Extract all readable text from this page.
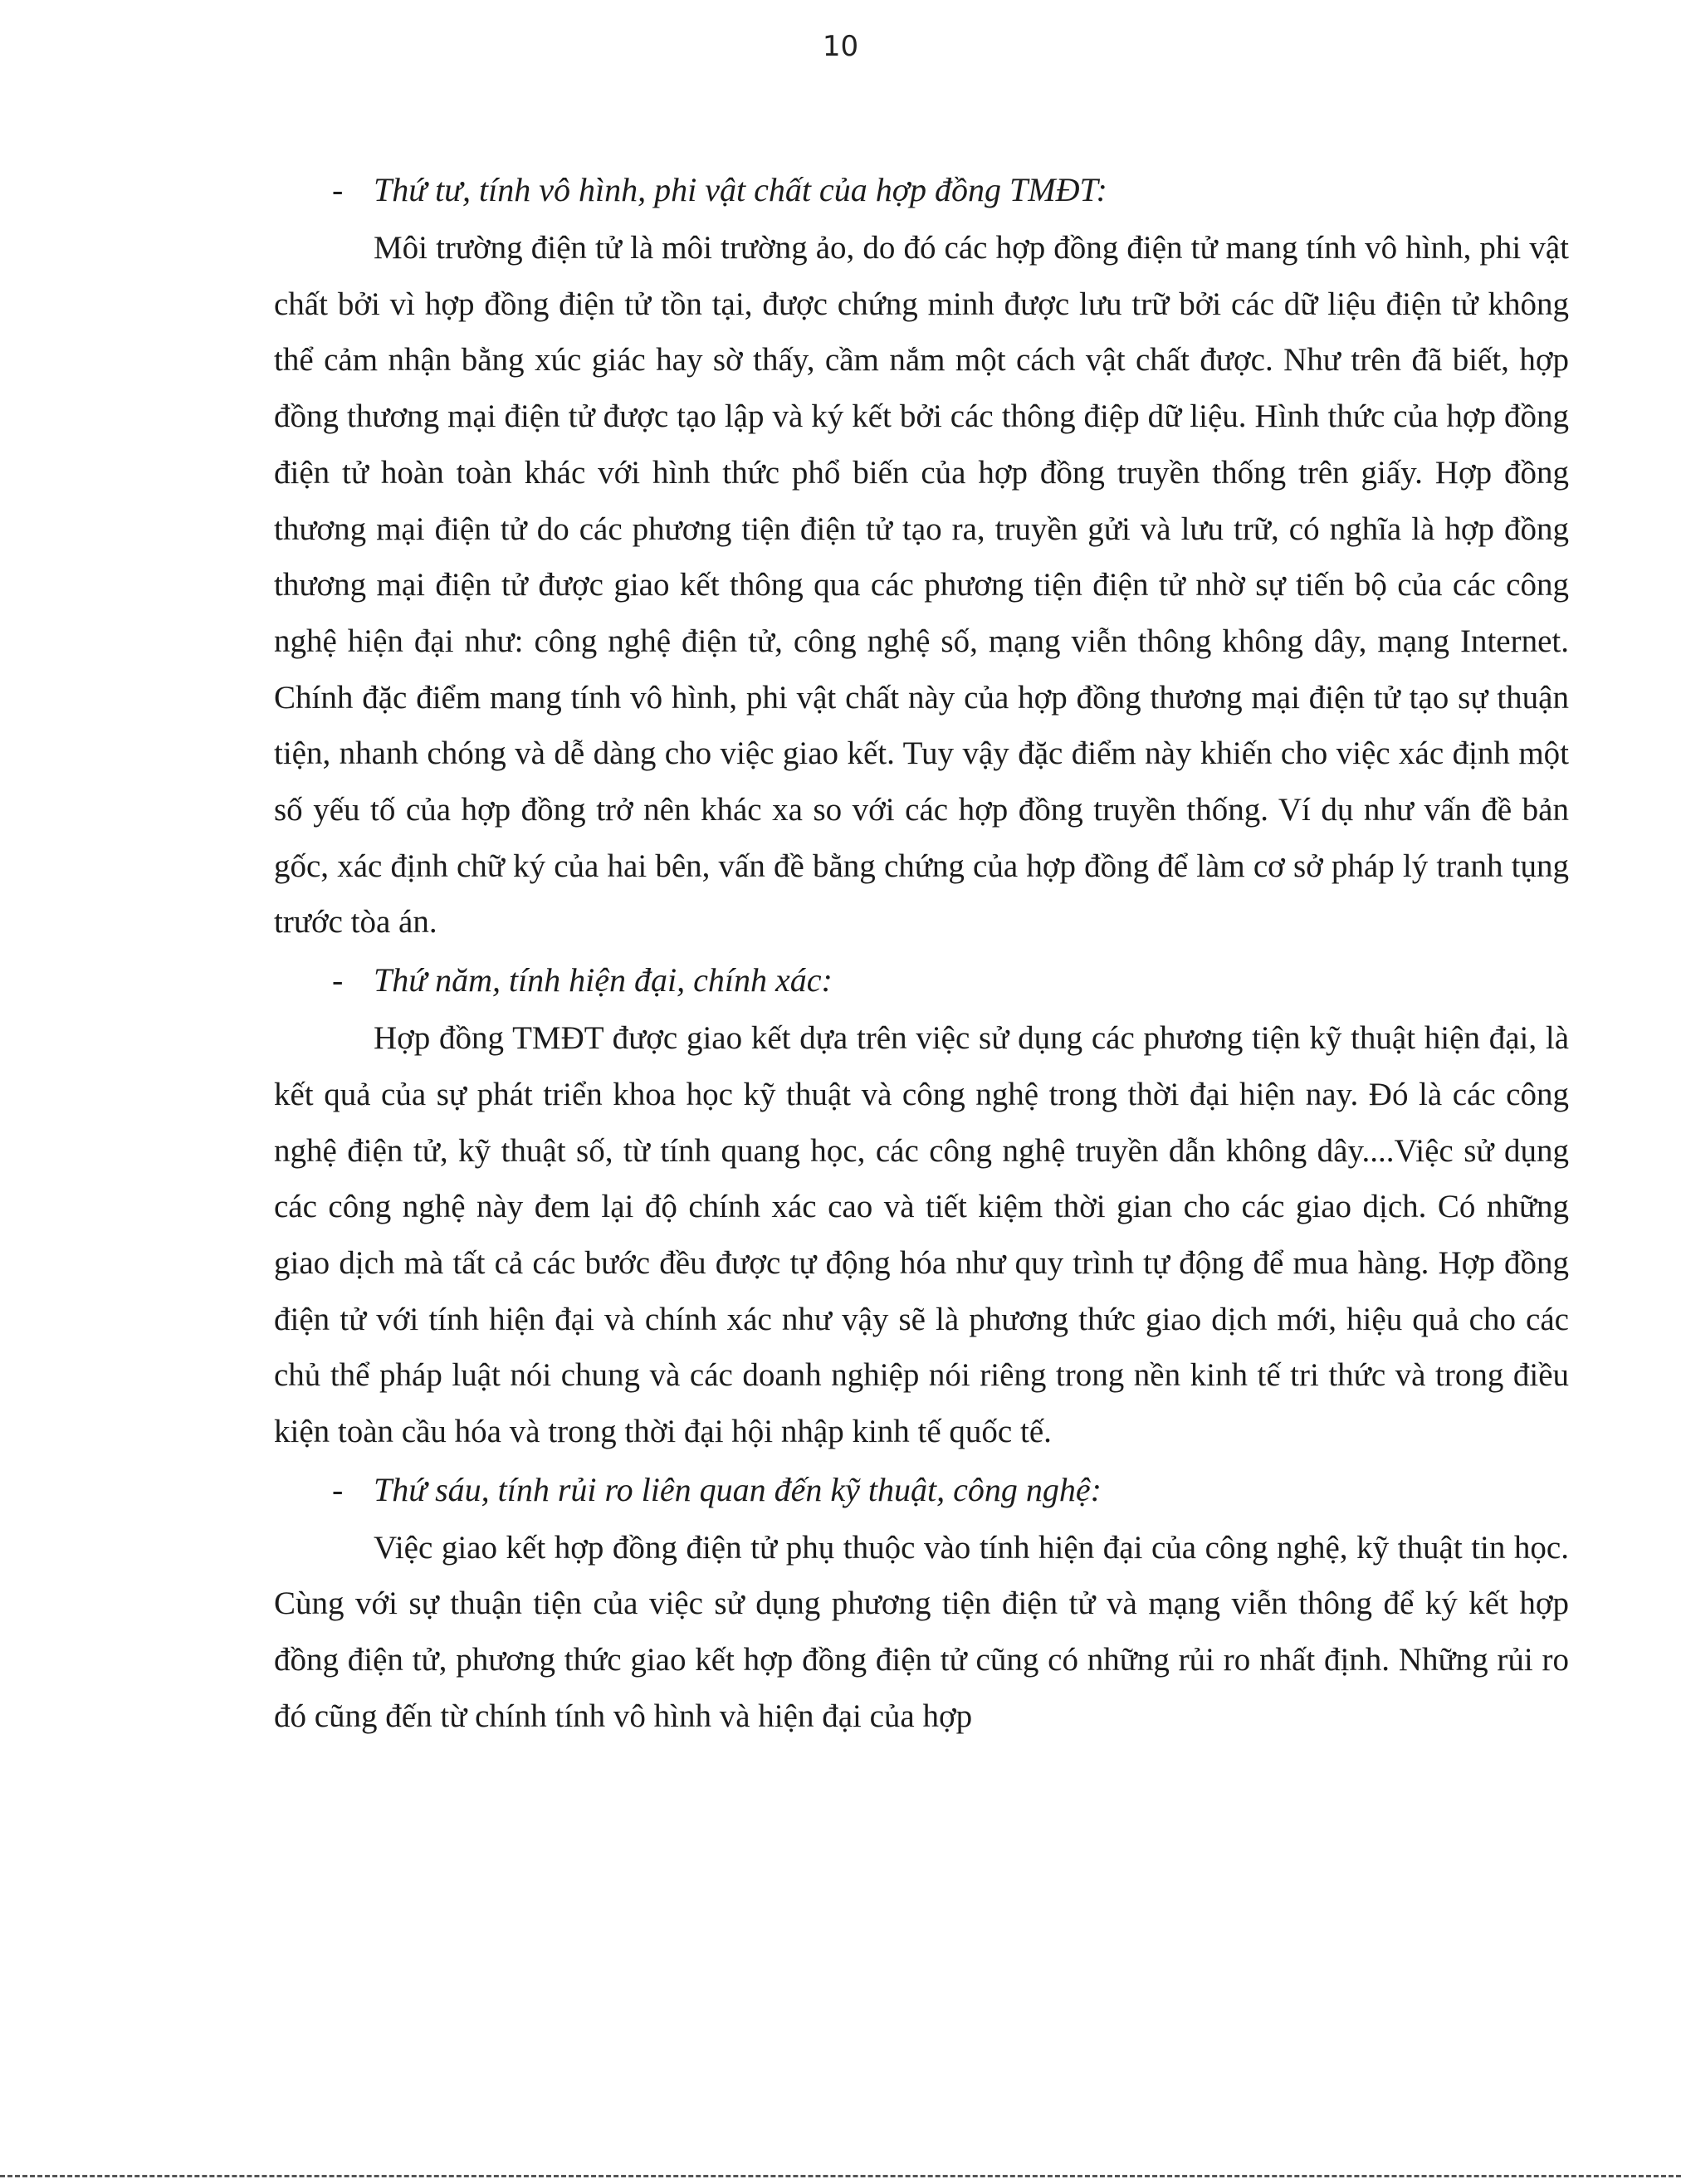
10
- Thứ tư, tính vô hình, phi vật chất của hợp đồng TMĐT:

Môi trường điện tử là môi trường ảo, do đó các hợp đồng điện tử mang tính vô hình, phi vật chất bởi vì hợp đồng điện tử tồn tại, được chứng minh được lưu trữ bởi các dữ liệu điện tử không thể cảm nhận bằng xúc giác hay sờ thấy, cầm nắm một cách vật chất được. Như trên đã biết, hợp đồng thương mại điện tử được tạo lập và ký kết bởi các thông điệp dữ liệu. Hình thức của hợp đồng điện tử hoàn toàn khác với hình thức phổ biến của hợp đồng truyền thống trên giấy. Hợp đồng thương mại điện tử do các phương tiện điện tử tạo ra, truyền gửi và lưu trữ, có nghĩa là hợp đồng thương mại điện tử được giao kết thông qua các phương tiện điện tử nhờ sự tiến bộ của các công nghệ hiện đại như: công nghệ điện tử, công nghệ số, mạng viễn thông không dây, mạng Internet. Chính đặc điểm mang tính vô hình, phi vật chất này của hợp đồng thương mại điện tử tạo sự thuận tiện, nhanh chóng và dễ dàng cho việc giao kết. Tuy vậy đặc điểm này khiến cho việc xác định một số yếu tố của hợp đồng trở nên khác xa so với các hợp đồng truyền thống. Ví dụ như vấn đề bản gốc, xác định chữ ký của hai bên, vấn đề bằng chứng của hợp đồng để làm cơ sở pháp lý tranh tụng trước tòa án.

- Thứ năm, tính hiện đại, chính xác:

Hợp đồng TMĐT được giao kết dựa trên việc sử dụng các phương tiện kỹ thuật hiện đại, là kết quả của sự phát triển khoa học kỹ thuật và công nghệ trong thời đại hiện nay. Đó là các công nghệ điện tử, kỹ thuật số, từ tính quang học, các công nghệ truyền dẫn không dây....Việc sử dụng các công nghệ này đem lại độ chính xác cao và tiết kiệm thời gian cho các giao dịch. Có những giao dịch mà tất cả các bước đều được tự động hóa như quy trình tự động để mua hàng. Hợp đồng điện tử với tính hiện đại và chính xác như vậy sẽ là phương thức giao dịch mới, hiệu quả cho các chủ thể pháp luật nói chung và các doanh nghiệp nói riêng trong nền kinh tế tri thức và trong điều kiện toàn cầu hóa và trong thời đại hội nhập kinh tế quốc tế.

- Thứ sáu, tính rủi ro liên quan đến kỹ thuật, công nghệ:

Việc giao kết hợp đồng điện tử phụ thuộc vào tính hiện đại của công nghệ, kỹ thuật tin học. Cùng với sự thuận tiện của việc sử dụng phương tiện điện tử và mạng viễn thông để ký kết hợp đồng điện tử, phương thức giao kết hợp đồng điện tử cũng có những rủi ro nhất định. Những rủi ro đó cũng đến từ chính tính vô hình và hiện đại của hợp
